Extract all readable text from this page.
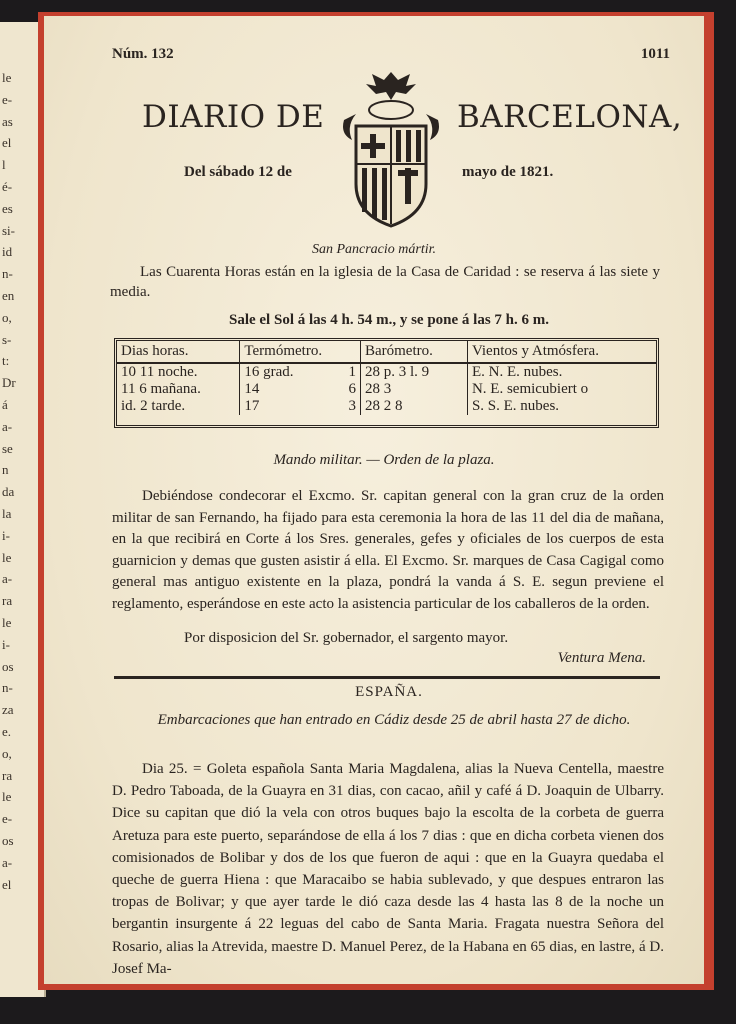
le
e-
as
el
l
é-
es
si-
id
n-
en
o,
s-
t:
Dr
á
a-
se
n
da
la
i-
le
a-
ra
le
i-
os
n-
za
e.
o,
ra
le
e-
os
a-
el
Núm. 132	1011
DIARIO DE	BARCELONA,
Del sábado 12 de	mayo de 1821.
San Pancracio mártir.
Las Cuarenta Horas están en la iglesia de la Casa de Caridad : se reserva á las siete y media.
Sale el Sol á las 4 h. 54 m., y se pone á las 7 h. 6 m.
Dias horas.	Termómetro.		Barómetro.	Vientos y Atmósfera.
10 11 noche.	16 grad.	1	28 p. 3 l. 9	E. N. E. nubes.
11 6 mañana.	14	6	28 3	N. E. semicubiert o
id. 2 tarde.	17	3	28 2 8	S. S. E. nubes.
Mando militar. — Orden de la plaza.
Debiéndose condecorar el Excmo. Sr. capitan general con la gran cruz de la orden militar de san Fernando, ha fijado para esta ceremonia la hora de las 11 del dia de mañana, en la que recibirá en Corte á los Sres. generales, gefes y oficiales de los cuerpos de esta guarnicion y demas que gusten asistir á ella. El Excmo. Sr. marques de Casa Cagigal como general mas antiguo existente en la plaza, pondrá la vanda á S. E. segun previene el reglamento, esperándose en este acto la asistencia particular de los caballeros de la orden.
Por disposicion del Sr. gobernador, el sargento mayor.
Ventura Mena.
ESPAÑA.
Embarcaciones que han entrado en Cádiz desde 25 de abril hasta 27 de dicho.
Dia 25. = Goleta española Santa Maria Magdalena, alias la Nueva Centella, maestre D. Pedro Taboada, de la Guayra en 31 dias, con cacao, añil y café á D. Joaquin de Ulbarry. Dice su capitan que dió la vela con otros buques bajo la escolta de la corbeta de guerra Aretuza para este puerto, separándose de ella á los 7 dias : que en dicha corbeta vienen dos comisionados de Bolibar y dos de los que fueron de aqui : que en la Guayra quedaba el queche de guerra Hiena : que Maracaibo se habia sublevado, y que despues entraron las tropas de Bolivar; y que ayer tarde le dió caza desde las 4 hasta las 8 de la noche un bergantin insurgente á 22 leguas del cabo de Santa Maria. Fragata nuestra Señora del Rosario, alias la Atrevida, maestre D. Manuel Perez, de la Habana en 65 dias, en lastre, á D. Josef Ma-
